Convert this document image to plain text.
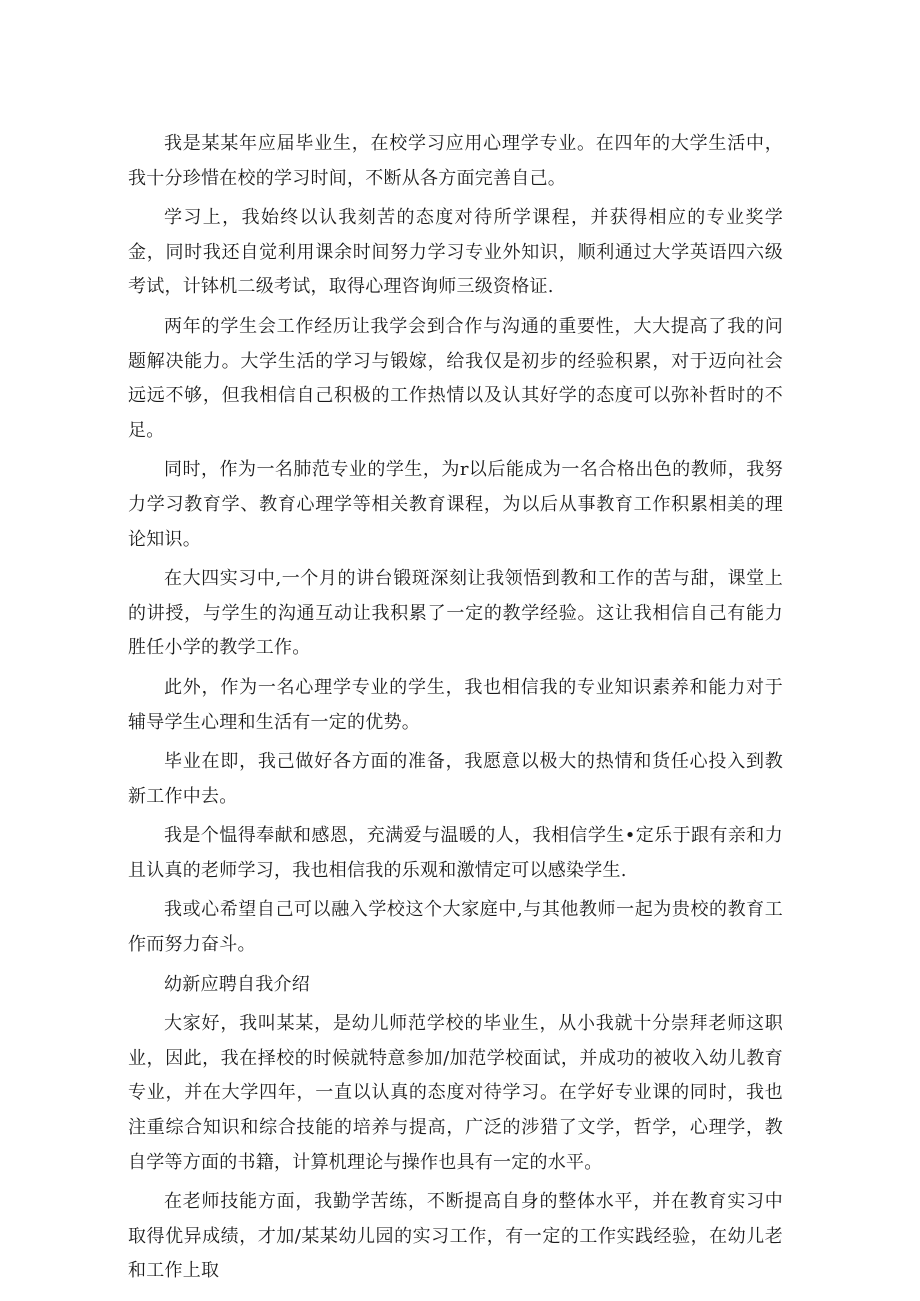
我是某某年应届毕业生，在校学习应用心理学专业。在四年的大学生活中，我十分珍惜在校的学习时间，不断从各方面完善自己。

学习上，我始终以认我刻苦的态度对待所学课程，并获得相应的专业奖学金，同时我还自觉利用课余时间努力学习专业外知识，顺利通过大学英语四六级考试，计钵机二级考试，取得心理咨询师三级资格证.

两年的学生会工作经历让我学会到合作与沟通的重要性，大大提高了我的问题解决能力。大学生活的学习与锻嫁，给我仅是初步的经验积累，对于迈向社会远远不够，但我相信自己积极的工作热情以及认其好学的态度可以弥补哲时的不足。

同时，作为一名肺范专业的学生，为r以后能成为一名合格出色的教师，我努力学习教育学、教育心理学等相关教育课程，为以后从事教育工作积累相美的理论知识。

在大四实习中,一个月的讲台锻斑深刻让我领悟到教和工作的苦与甜，课堂上的讲授，与学生的沟通互动让我积累了一定的教学经验。这让我相信自己有能力胜任小学的教学工作。

此外，作为一名心理学专业的学生，我也相信我的专业知识素养和能力对于辅导学生心理和生活有一定的优势。

毕业在即，我己做好各方面的准备，我愿意以极大的热情和货任心投入到教新工作中去。

我是个愠得奉献和感恩，充满爱与温暖的人，我相信学生•定乐于跟有亲和力且认真的老师学习，我也相信我的乐观和激情定可以感染学生.

我或心希望自己可以融入学校这个大家庭中,与其他教师一起为贵校的教育工作而努力奋斗。

幼新应聘自我介绍

大家好，我叫某某，是幼儿师范学校的毕业生，从小我就十分崇拜老师这职业，因此，我在择校的时候就特意参加/加范学校面试，并成功的被收入幼儿教育专业，并在大学四年，一直以认真的态度对待学习。在学好专业课的同时，我也注重综合知识和综合技能的培养与提高，广泛的涉猎了文学，哲学，心理学，教自学等方面的书籍，计算机理论与操作也具有一定的水平。

在老师技能方面，我勤学苦练，不断提高自身的整体水平，并在教育实习中取得优异成绩，才加/某某幼儿园的实习工作，有一定的工作实践经验，在幼儿老和工作上取
